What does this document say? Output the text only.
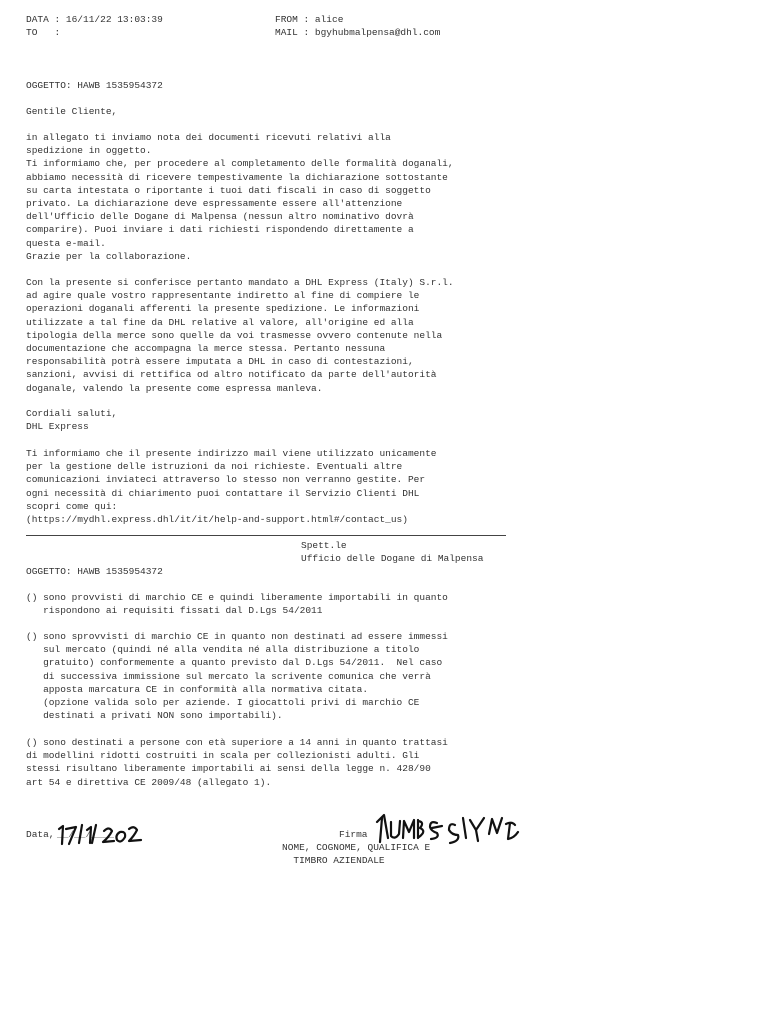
DATA : 16/11/22 13:03:39
TO   :
FROM : alice
MAIL : bgyhubmalpensa@dhl.com
OGGETTO: HAWB 1535954372
Gentile Cliente,
in allegato ti inviamo nota dei documenti ricevuti relativi alla
spedizione in oggetto.
Ti informiamo che, per procedere al completamento delle formalità doganali,
abbiamo necessità di ricevere tempestivamente la dichiarazione sottostante
su carta intestata o riportante i tuoi dati fiscali in caso di soggetto
privato. La dichiarazione deve espressamente essere all'attenzione
dell'Ufficio delle Dogane di Malpensa (nessun altro nominativo dovrà
comparire). Puoi inviare i dati richiesti rispondendo direttamente a
questa e-mail.
Grazie per la collaborazione.
Con la presente si conferisce pertanto mandato a DHL Express (Italy) S.r.l.
ad agire quale vostro rappresentante indiretto al fine di compiere le
operazioni doganali afferenti la presente spedizione. Le informazioni
utilizzate a tal fine da DHL relative al valore, all'origine ed alla
tipologia della merce sono quelle da voi trasmesse ovvero contenute nella
documentazione che accompagna la merce stessa. Pertanto nessuna
responsabilità potrà essere imputata a DHL in caso di contestazioni,
sanzioni, avvisi di rettifica od altro notificato da parte dell'autorità
doganale, valendo la presente come espressa manleva.
Cordiali saluti,
DHL Express
Ti informiamo che il presente indirizzo mail viene utilizzato unicamente
per la gestione delle istruzioni da noi richieste. Eventuali altre
comunicazioni inviateci attraverso lo stesso non verranno gestite. Per
ogni necessità di chiarimento puoi contattare il Servizio Clienti DHL
scopri come qui:
(https://mydhl.express.dhl/it/it/help-and-support.html#/contact_us)
Spett.le
Ufficio delle Dogane di Malpensa
OGGETTO: HAWB 1535954372
() sono provvisti di marchio CE e quindi liberamente importabili in quanto
rispondono ai requisiti fissati dal D.Lgs 54/2011
() sono sprovvisti di marchio CE in quanto non destinati ad essere immessi
sul mercato (quindi né alla vendita né alla distribuzione a titolo
gratuito) conformemente a quanto previsto dal D.Lgs 54/2011.  Nel caso
di successiva immissione sul mercato la scrivente comunica che verrà
apposta marcatura CE in conformità alla normativa citata.
(opzione valida solo per aziende. I giocattoli privi di marchio CE
destinati a privati NON sono importabili).
() sono destinati a persone con età superiore a 14 anni in quanto trattasi
di modellini ridotti costruiti in scala per collezionisti adulti. Gli
stessi risultano liberamente importabili ai sensi della legge n. 428/90
art 54 e direttiva CE 2009/48 (allegato 1).
Data, __/__/____	Firma
NOME, COGNOME, QUALIFICA E
TIMBRO AZIENDALE
